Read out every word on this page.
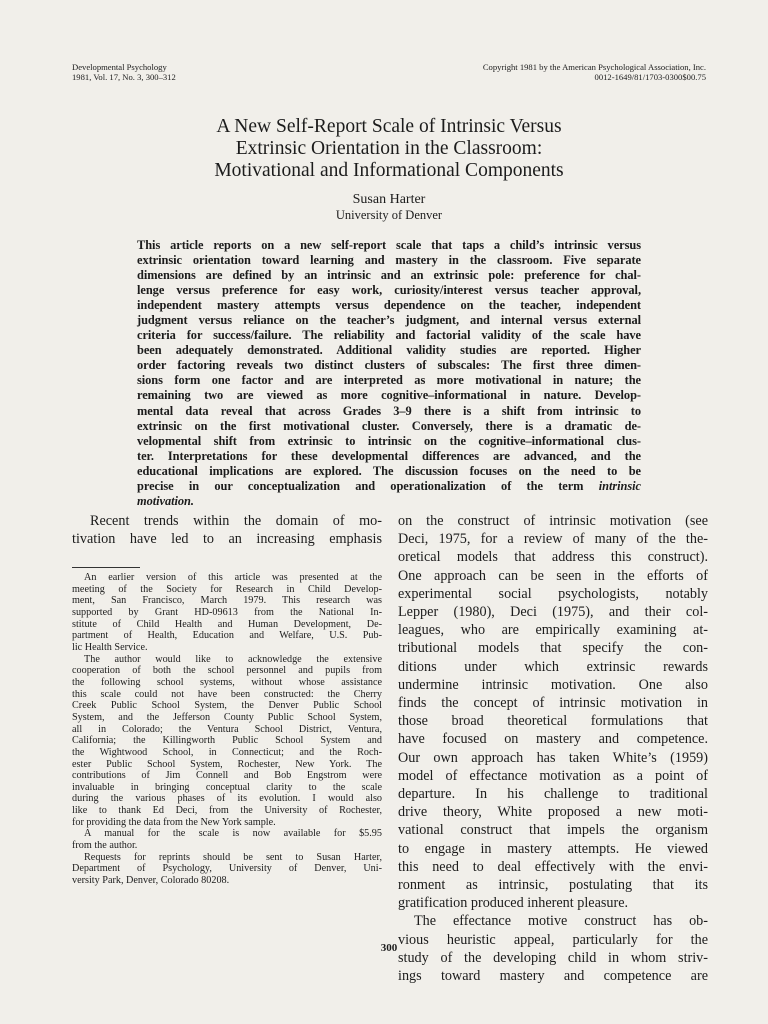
Developmental Psychology
1981, Vol. 17, No. 3, 300–312
Copyright 1981 by the American Psychological Association, Inc.
0012-1649/81/1703-0300$00.75
A New Self-Report Scale of Intrinsic Versus
Extrinsic Orientation in the Classroom:
Motivational and Informational Components
Susan Harter
University of Denver
This article reports on a new self-report scale that taps a child’s intrinsic versus
extrinsic orientation toward learning and mastery in the classroom. Five separate
dimensions are defined by an intrinsic and an extrinsic pole: preference for chal-
lenge versus preference for easy work, curiosity/interest versus teacher approval,
independent mastery attempts versus dependence on the teacher, independent
judgment versus reliance on the teacher’s judgment, and internal versus external
criteria for success/failure. The reliability and factorial validity of the scale have
been adequately demonstrated. Additional validity studies are reported. Higher
order factoring reveals two distinct clusters of subscales: The first three dimen-
sions form one factor and are interpreted as more motivational in nature; the
remaining two are viewed as more cognitive–informational in nature. Develop-
mental data reveal that across Grades 3–9 there is a shift from intrinsic to
extrinsic on the first motivational cluster. Conversely, there is a dramatic de-
velopmental shift from extrinsic to intrinsic on the cognitive–informational clus-
ter. Interpretations for these developmental differences are advanced, and the
educational implications are explored. The discussion focuses on the need to be
precise in our conceptualization and operationalization of the term intrinsic
motivation.
Recent trends within the domain of mo-
tivation have led to an increasing emphasis
An earlier version of this article was presented at the
meeting of the Society for Research in Child Develop-
ment, San Francisco, March 1979. This research was
supported by Grant HD-09613 from the National In-
stitute of Child Health and Human Development, De-
partment of Health, Education and Welfare, U.S. Pub-
lic Health Service.
The author would like to acknowledge the extensive
cooperation of both the school personnel and pupils from
the following school systems, without whose assistance
this scale could not have been constructed: the Cherry
Creek Public School System, the Denver Public School
System, and the Jefferson County Public School System,
all in Colorado; the Ventura School District, Ventura,
California; the Killingworth Public School System and
the Wightwood School, in Connecticut; and the Roch-
ester Public School System, Rochester, New York. The
contributions of Jim Connell and Bob Engstrom were
invaluable in bringing conceptual clarity to the scale
during the various phases of its evolution. I would also
like to thank Ed Deci, from the University of Rochester,
for providing the data from the New York sample.
A manual for the scale is now available for $5.95
from the author.
Requests for reprints should be sent to Susan Harter,
Department of Psychology, University of Denver, Uni-
versity Park, Denver, Colorado 80208.
on the construct of intrinsic motivation (see
Deci, 1975, for a review of many of the the-
oretical models that address this construct).
One approach can be seen in the efforts of
experimental social psychologists, notably
Lepper (1980), Deci (1975), and their col-
leagues, who are empirically examining at-
tributional models that specify the con-
ditions under which extrinsic rewards
undermine intrinsic motivation. One also
finds the concept of intrinsic motivation in
those broad theoretical formulations that
have focused on mastery and competence.
Our own approach has taken White’s (1959)
model of effectance motivation as a point of
departure. In his challenge to traditional
drive theory, White proposed a new moti-
vational construct that impels the organism
to engage in mastery attempts. He viewed
this need to deal effectively with the envi-
ronment as intrinsic, postulating that its
gratification produced inherent pleasure.
The effectance motive construct has ob-
vious heuristic appeal, particularly for the
study of the developing child in whom striv-
ings toward mastery and competence are
300
